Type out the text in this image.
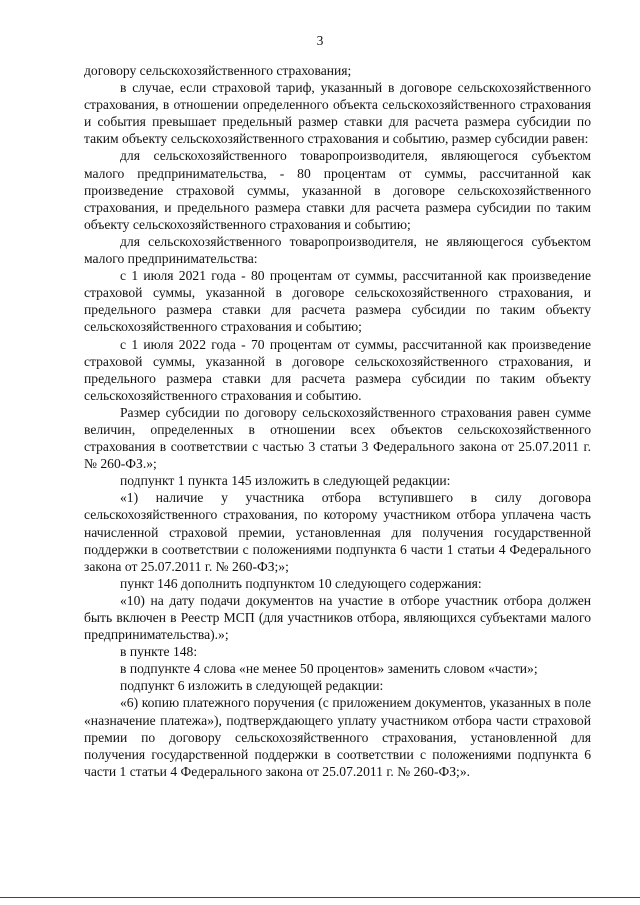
3

договору сельскохозяйственного страхования;

в случае, если страховой тариф, указанный в договоре сельскохозяйственного страхования, в отношении определенного объекта сельскохозяйственного страхования и события превышает предельный размер ставки для расчета размера субсидии по таким объекту сельскохозяйственного страхования и событию, размер субсидии равен:

для сельскохозяйственного товаропроизводителя, являющегося субъектом малого предпринимательства, - 80 процентам от суммы, рассчитанной как произведение страховой суммы, указанной в договоре сельскохозяйственного страхования, и предельного размера ставки для расчета размера субсидии по таким объекту сельскохозяйственного страхования и событию;

для сельскохозяйственного товаропроизводителя, не являющегося субъектом малого предпринимательства:

с 1 июля 2021 года - 80 процентам от суммы, рассчитанной как произведение страховой суммы, указанной в договоре сельскохозяйственного страхования, и предельного размера ставки для расчета размера субсидии по таким объекту сельскохозяйственного страхования и событию;

с 1 июля 2022 года - 70 процентам от суммы, рассчитанной как произведение страховой суммы, указанной в договоре сельскохозяйственного страхования, и предельного размера ставки для расчета размера субсидии по таким объекту сельскохозяйственного страхования и событию.

Размер субсидии по договору сельскохозяйственного страхования равен сумме величин, определенных в отношении всех объектов сельскохозяйственного страхования в соответствии с частью 3 статьи 3 Федерального закона от 25.07.2011 г. № 260-ФЗ.»;

подпункт 1 пункта 145 изложить в следующей редакции:

«1) наличие у участника отбора вступившего в силу договора сельскохозяйственного страхования, по которому участником отбора уплачена часть начисленной страховой премии, установленная для получения государственной поддержки в соответствии с положениями подпункта 6 части 1 статьи 4 Федерального закона от 25.07.2011 г. № 260-ФЗ;»;

пункт 146 дополнить подпунктом 10 следующего содержания:

«10) на дату подачи документов на участие в отборе участник отбора должен быть включен в Реестр МСП (для участников отбора, являющихся субъектами малого предпринимательства).»;

в пункте 148:

в подпункте 4 слова «не менее 50 процентов» заменить словом «части»;

подпункт 6 изложить в следующей редакции:

«6) копию платежного поручения (с приложением документов, указанных в поле «назначение платежа»), подтверждающего уплату участником отбора части страховой премии по договору сельскохозяйственного страхования, установленной для получения государственной поддержки в соответствии с положениями подпункта 6 части 1 статьи 4 Федерального закона от 25.07.2011 г. № 260-ФЗ;».
